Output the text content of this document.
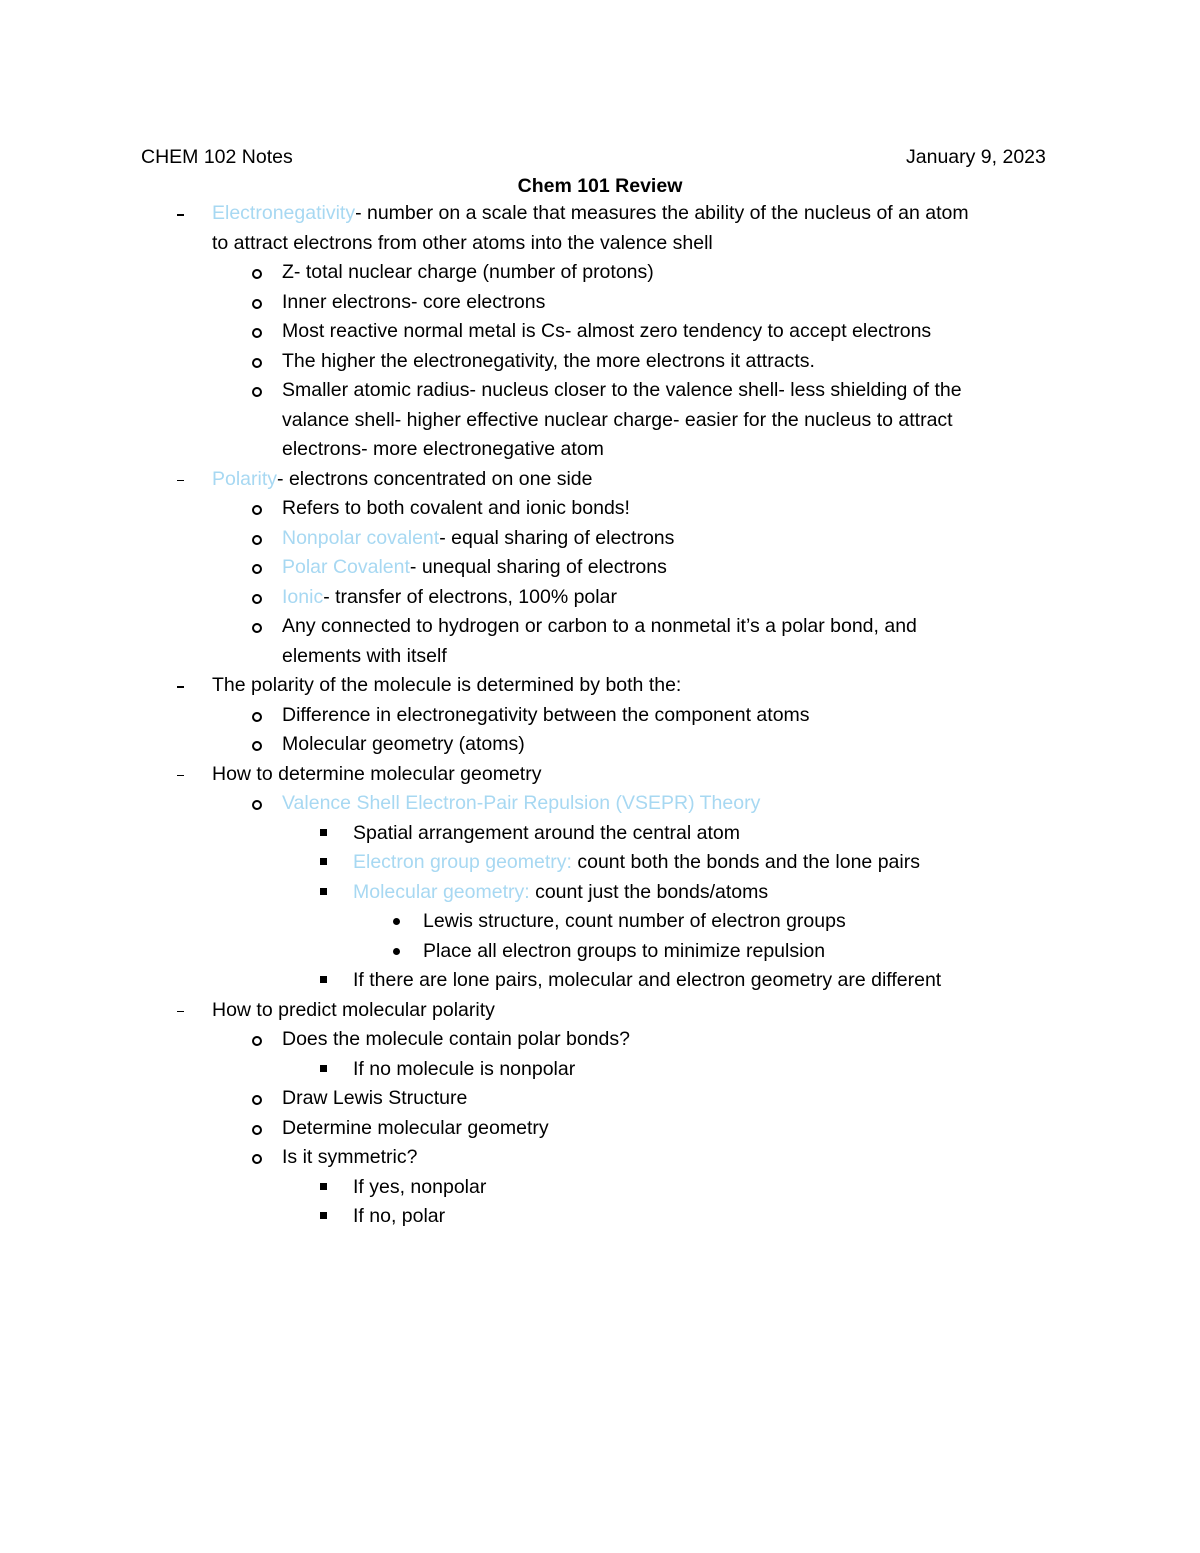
CHEM 102 Notes	January 9, 2023
Chem 101 Review
Electronegativity- number on a scale that measures the ability of the nucleus of an atom
to attract electrons from other atoms into the valence shell
Z- total nuclear charge (number of protons)
Inner electrons- core electrons
Most reactive normal metal is Cs- almost zero tendency to accept electrons
The higher the electronegativity, the more electrons it attracts.
Smaller atomic radius- nucleus closer to the valence shell- less shielding of the
valance shell- higher effective nuclear charge- easier for the nucleus to attract
electrons- more electronegative atom
Polarity- electrons concentrated on one side
Refers to both covalent and ionic bonds!
Nonpolar covalent- equal sharing of electrons
Polar Covalent- unequal sharing of electrons
Ionic- transfer of electrons, 100% polar
Any connected to hydrogen or carbon to a nonmetal it’s a polar bond, and
elements with itself
The polarity of the molecule is determined by both the:
Difference in electronegativity between the component atoms
Molecular geometry (atoms)
How to determine molecular geometry
Valence Shell Electron-Pair Repulsion (VSEPR) Theory
Spatial arrangement around the central atom
Electron group geometry: count both the bonds and the lone pairs
Molecular geometry: count just the bonds/atoms
Lewis structure, count number of electron groups
Place all electron groups to minimize repulsion
If there are lone pairs, molecular and electron geometry are different
How to predict molecular polarity
Does the molecule contain polar bonds?
If no molecule is nonpolar
Draw Lewis Structure
Determine molecular geometry
Is it symmetric?
If yes, nonpolar
If no, polar
